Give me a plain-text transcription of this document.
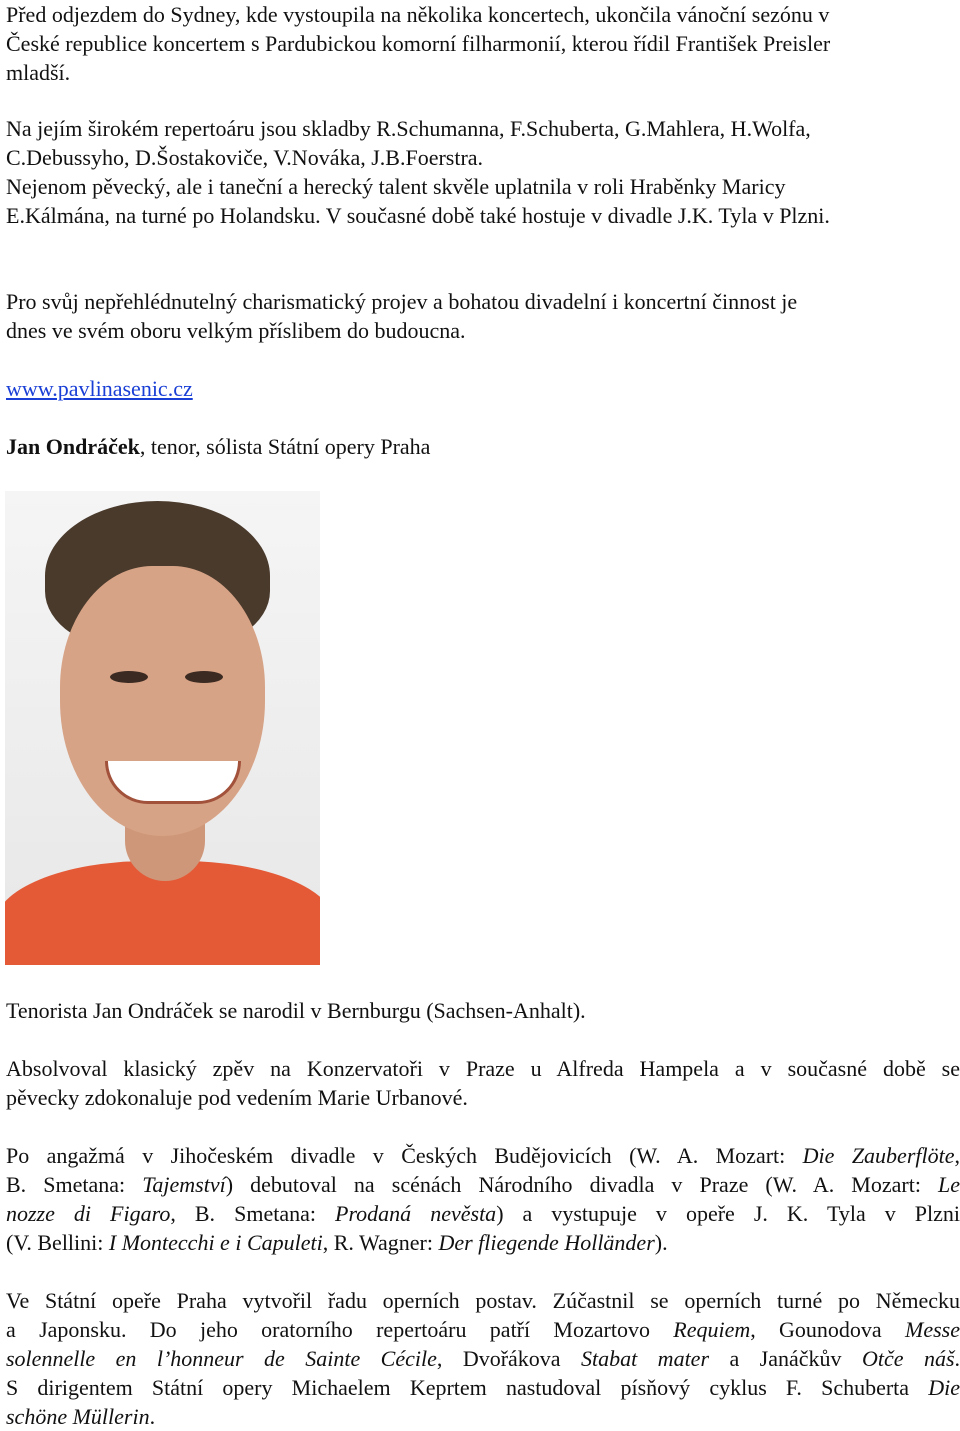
Před odjezdem do Sydney, kde vystoupila na několika koncertech, ukončila vánoční sezónu v
České republice koncertem s Pardubickou komorní filharmonií, kterou řídil František Preisler
mladší.
Na jejím širokém repertoáru jsou skladby R.Schumanna, F.Schuberta, G.Mahlera, H.Wolfa,
C.Debussyho, D.Šostakoviče, V.Nováka, J.B.Foerstra.
Nejenom pěvecký, ale i taneční a herecký talent skvěle uplatnila v roli Hraběnky Maricy
E.Kálmána, na turné po Holandsku. V současné době také hostuje v divadle J.K. Tyla v Plzni.
Pro svůj nepřehlédnutelný charismatický projev a bohatou divadelní i koncertní činnost je
dnes ve svém oboru velkým příslibem do budoucna.
www.pavlinasenic.cz
Jan Ondráček, tenor, sólista Státní opery Praha
Tenorista Jan Ondráček se narodil v Bernburgu (Sachsen-Anhalt).
Absolvoval klasický zpěv na Konzervatoři v Praze u Alfreda Hampela a v současné době se
pěvecky zdokonaluje pod vedením Marie Urbanové.
Po angažmá v Jihočeském divadle v Českých Budějovicích (W. A. Mozart: Die Zauberflöte,
B. Smetana: Tajemství) debutoval na scénách Národního divadla v Praze (W. A. Mozart: Le
nozze di Figaro, B. Smetana: Prodaná nevěsta) a vystupuje v opeře J. K. Tyla v Plzni
(V. Bellini: I Montecchi e i Capuleti, R. Wagner: Der fliegende Holländer).
Ve Státní opeře Praha vytvořil řadu operních postav. Zúčastnil se operních turné po Německu
a Japonsku. Do jeho oratorního repertoáru patří Mozartovo Requiem, Gounodova Messe
solennelle en l’honneur de Sainte Cécile, Dvořákova Stabat mater a Janáčkův Otče náš.
S dirigentem Státní opery Michaelem Keprtem nastudoval písňový cyklus F. Schuberta Die
schöne Müllerin.
